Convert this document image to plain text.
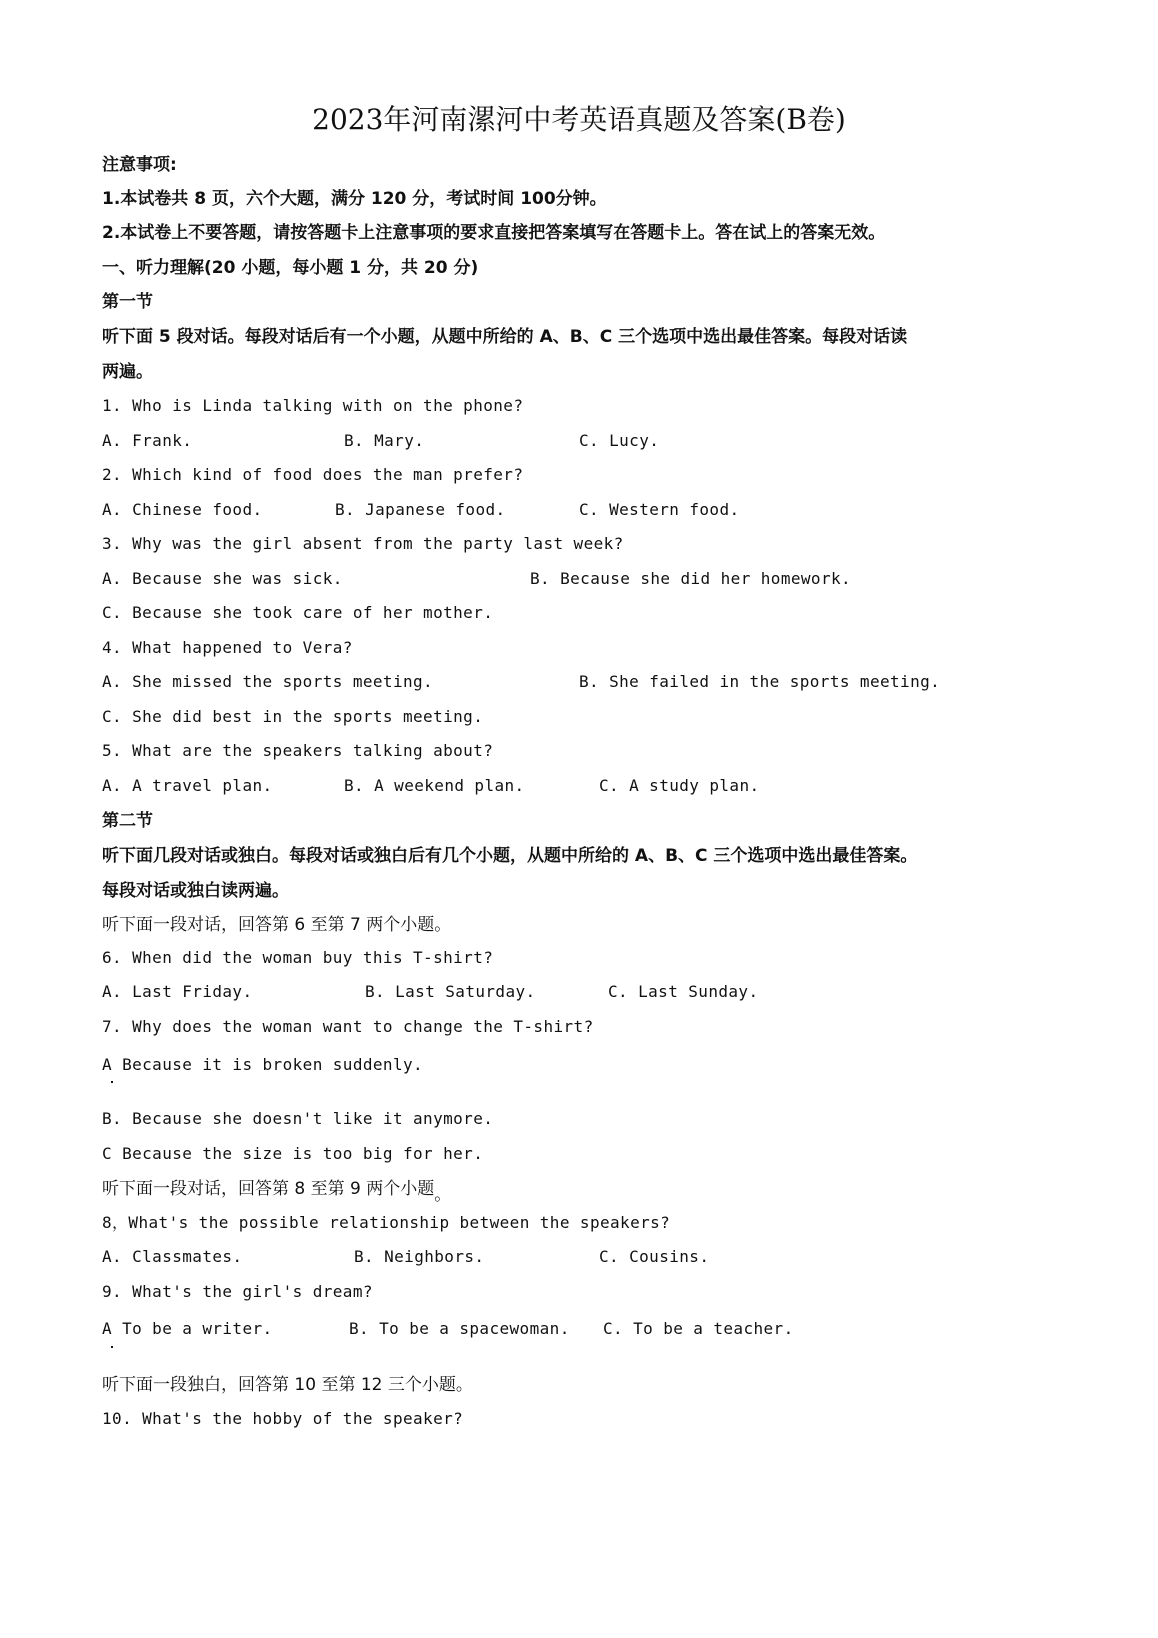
2023年河南漯河中考英语真题及答案(B卷)
注意事项:
1.本试卷共 8 页，六个大题，满分 120 分，考试时间 100分钟。
2.本试卷上不要答题，请按答题卡上注意事项的要求直接把答案填写在答题卡上。答在试上的答案无效。
一、听力理解(20 小题，每小题 1 分，共 20 分)
第一节
听下面 5 段对话。每段对话后有一个小题，从题中所给的 A、B、C 三个选项中选出最佳答案。每段对话读
两遍。
1. Who is Linda talking with on the phone?
A. Frank.	B. Mary.	C. Lucy.
2. Which kind of food does the man prefer?
A. Chinese food.	B. Japanese food.	C. Western food.
3. Why was the girl absent from the party last week?
A. Because she was sick.	B. Because she did her homework.
C. Because she took care of her mother.
4. What happened to Vera?
A. She missed the sports meeting.	B. She failed in the sports meeting.
C. She did best in the sports meeting.
5. What are the speakers talking about?
A. A travel plan.	B. A weekend plan.	C. A study plan.
第二节
听下面几段对话或独白。每段对话或独白后有几个小题，从题中所给的 A、B、C 三个选项中选出最佳答案。
每段对话或独白读两遍。
听下面一段对话，回答第 6 至第 7 两个小题。
6. When did the woman buy this T-shirt?
A. Last Friday.	B. Last Saturday.	C. Last Sunday.
7. Why does the woman want to change the T-shirt?
A Because it is broken suddenly.
B. Because she doesn't like it anymore.
C Because the size is too big for her.
听下面一段对话，回答第 8 至第 9 两个小题。
8，What's the possible relationship between the speakers?
A. Classmates.	B. Neighbors.	C. Cousins.
9. What's the girl's dream?
A To be a writer.	B. To be a spacewoman. C. To be a teacher.
听下面一段独白，回答第 10 至第 12 三个小题。
10. What's the hobby of the speaker?
